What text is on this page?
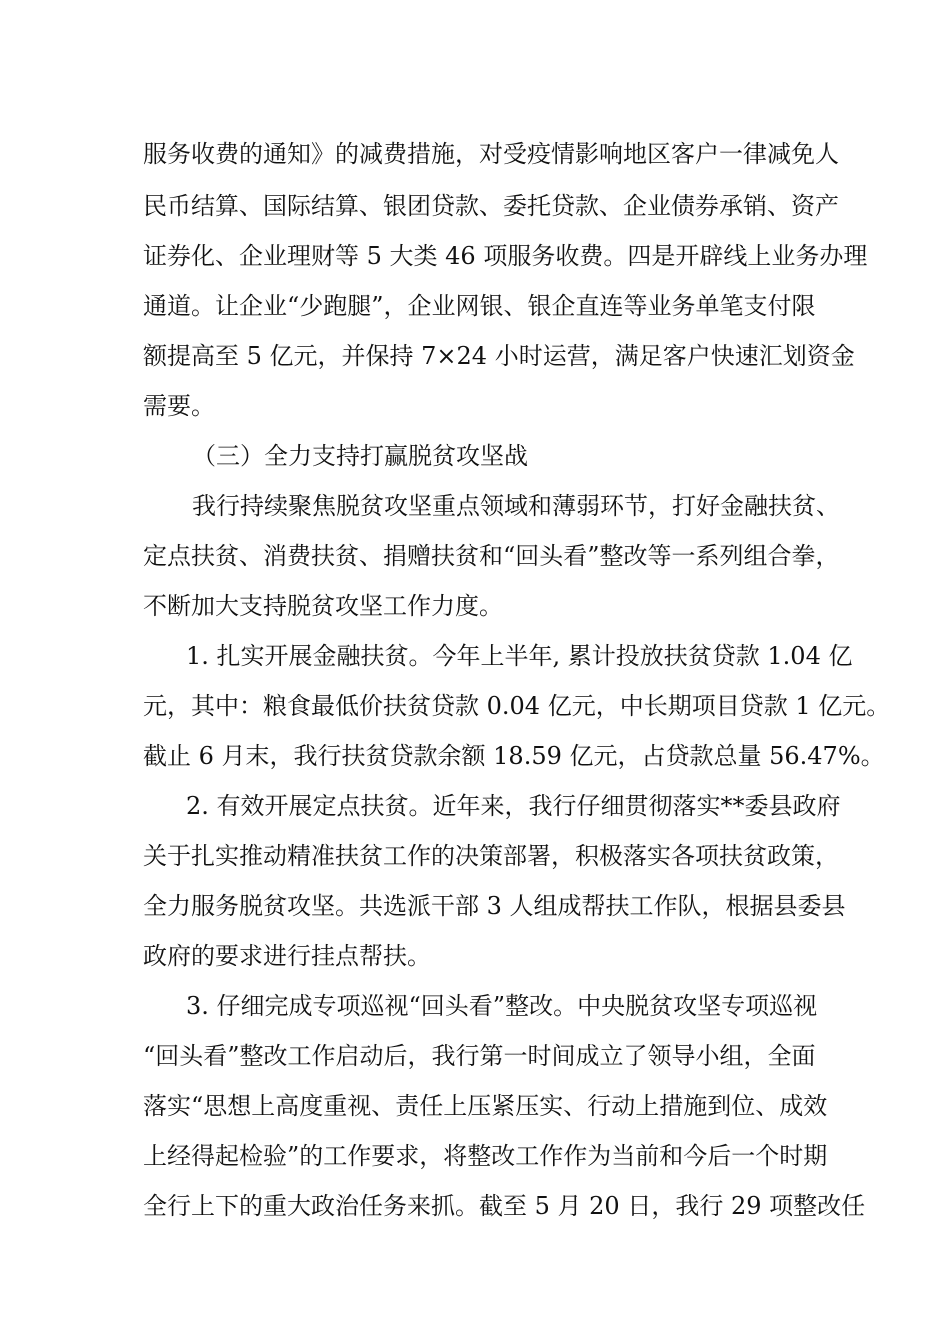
服务收费的通知》的减费措施，对受疫情影响地区客户一律减免人
民币结算、国际结算、银团贷款、委托贷款、企业债券承销、资产
证券化、企业理财等 5 大类 46 项服务收费。四是开辟线上业务办理
通道。让企业“少跑腿”，企业网银、银企直连等业务单笔支付限
额提高至 5 亿元，并保持 7×24 小时运营，满足客户快速汇划资金
需要。
（三）全力支持打赢脱贫攻坚战
我行持续聚焦脱贫攻坚重点领域和薄弱环节，打好金融扶贫、
定点扶贫、消费扶贫、捐赠扶贫和“回头看”整改等一系列组合拳，
不断加大支持脱贫攻坚工作力度。
1. 扎实开展金融扶贫。今年上半年, 累计投放扶贫贷款 1.04 亿
元，其中：粮食最低价扶贫贷款 0.04 亿元，中长期项目贷款 1 亿元。
截止 6 月末，我行扶贫贷款余额 18.59 亿元，占贷款总量 56.47%。
2. 有效开展定点扶贫。近年来，我行仔细贯彻落实**委县政府
关于扎实推动精准扶贫工作的决策部署，积极落实各项扶贫政策，
全力服务脱贫攻坚。共选派干部 3 人组成帮扶工作队，根据县委县
政府的要求进行挂点帮扶。
3. 仔细完成专项巡视“回头看”整改。中央脱贫攻坚专项巡视
“回头看”整改工作启动后，我行第一时间成立了领导小组，全面
落实“思想上高度重视、责任上压紧压实、行动上措施到位、成效
上经得起检验”的工作要求，将整改工作作为当前和今后一个时期
全行上下的重大政治任务来抓。截至 5 月 20 日，我行 29 项整改任
